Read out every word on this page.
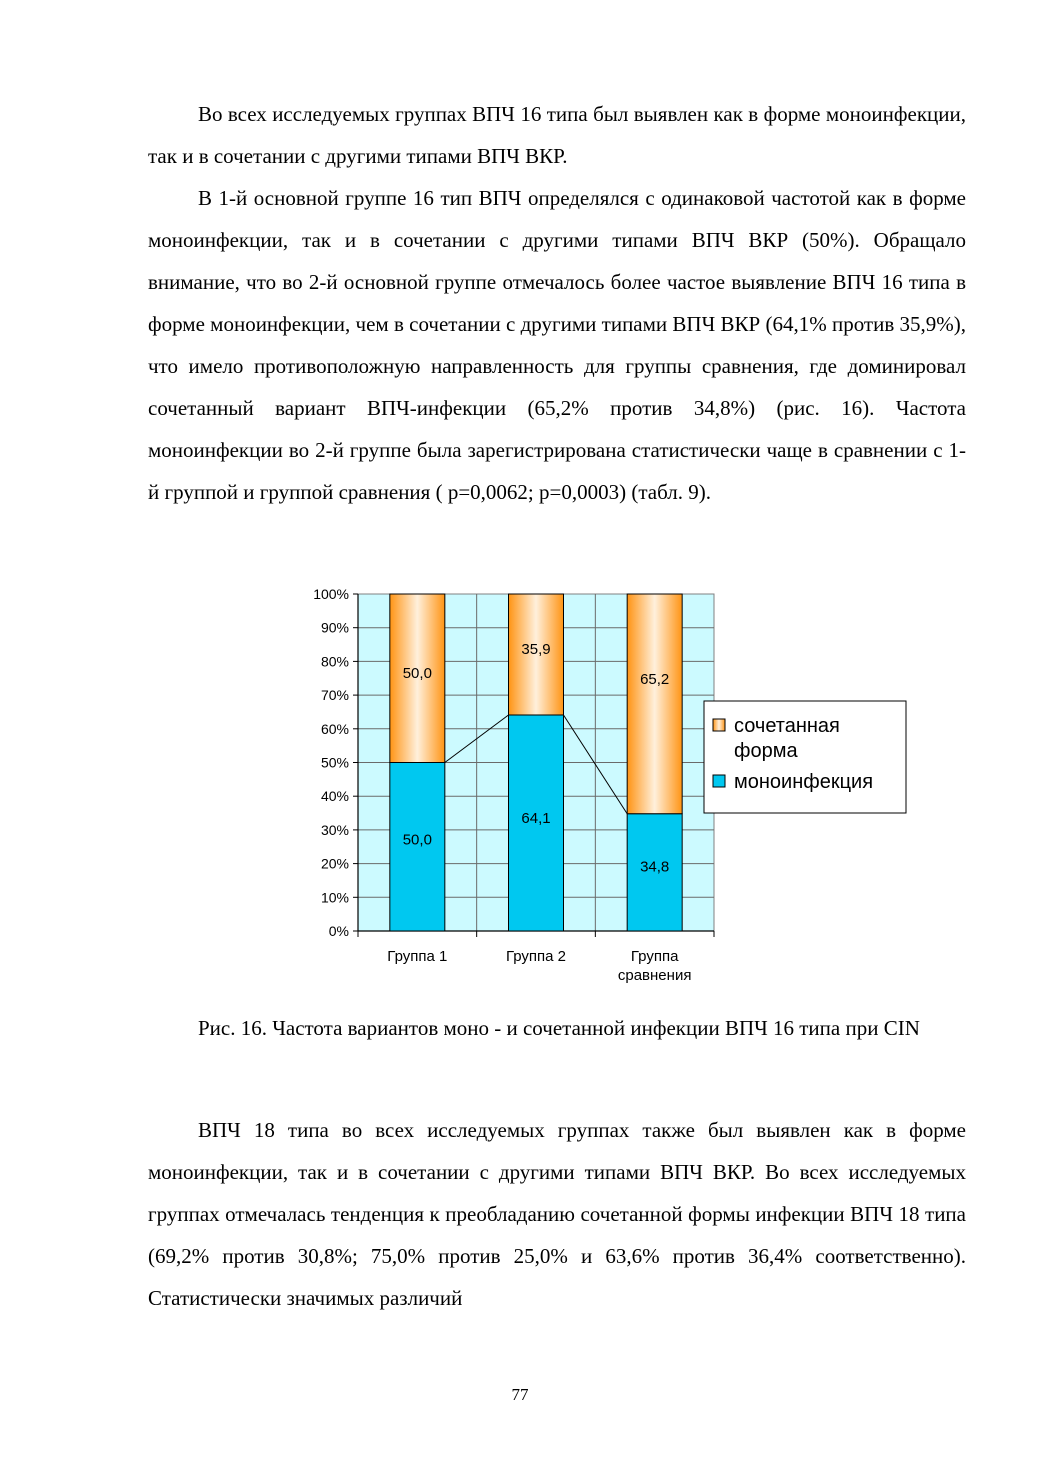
Во всех исследуемых группах ВПЧ 16 типа был выявлен как в форме моноинфекции, так и в сочетании с другими типами ВПЧ ВКР.

В 1-й основной группе 16 тип ВПЧ определялся с одинаковой частотой как в форме моноинфекции, так и в сочетании с другими типами ВПЧ ВКР (50%). Обращало внимание, что во 2-й основной группе отмечалось более частое выявление ВПЧ 16 типа в форме моноинфекции, чем в сочетании с другими типами ВПЧ ВКР (64,1% против 35,9%), что имело противоположную направленность для группы сравнения, где доминировал сочетанный вариант ВПЧ-инфекции (65,2% против 34,8%) (рис. 16). Частота моноинфекции во 2-й группе была зарегистрирована статистически чаще в сравнении с 1-й группой и группой сравнения ( p=0,0062; p=0,0003) (табл. 9).

0%
10%
20%
30%
40%
50%
60%
70%
80%
90%
100%
Группа 1	Группа 2	Группа
сравнения
50,0
50,0
64,1
35,9
34,8
65,2
сочетанная
форма
моноинфекция

Рис. 16. Частота вариантов моно - и сочетанной инфекции ВПЧ 16 типа при CIN

ВПЧ 18 типа во всех исследуемых группах также был выявлен как в форме моноинфекции, так и в сочетании с другими типами ВПЧ ВКР. Во всех исследуемых группах отмечалась тенденция к преобладанию сочетанной формы инфекции ВПЧ 18 типа (69,2% против 30,8%; 75,0% против 25,0% и 63,6% против 36,4% соответственно). Статистически значимых различий

77
